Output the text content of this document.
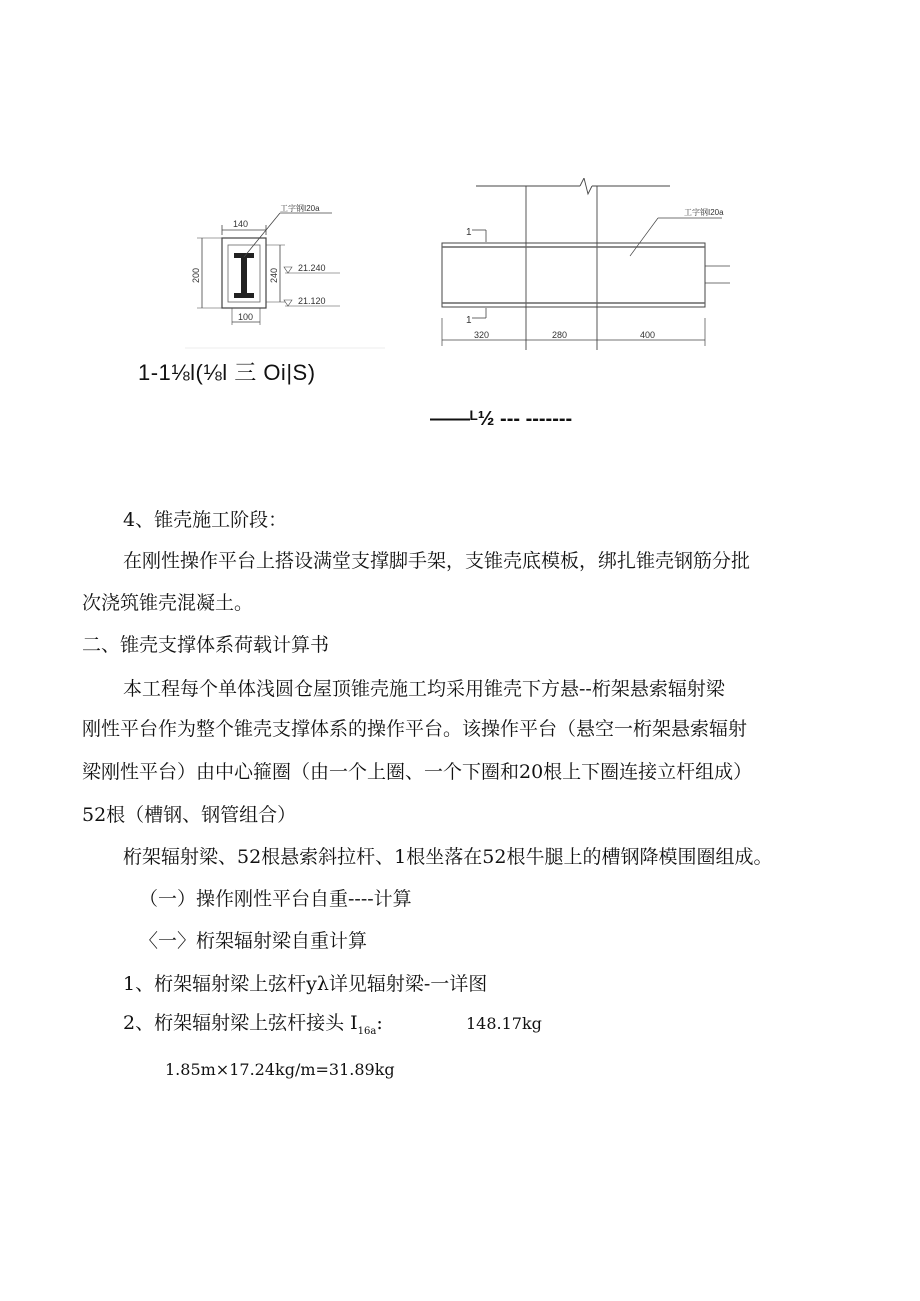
140
工字钢 I20a
200	240 21.240
21.120
100
1-1⅛l(⅛l 三 Oi|S)
1
1
工字钢 I20a
320	280	400
——ᴸ½ --- -------
4、锥壳施工阶段：
在刚性操作平台上搭设满堂支撑脚手架，支锥壳底模板，绑扎锥壳钢筋分批
次浇筑锥壳混凝土。
二、锥壳支撑体系荷载计算书
本工程每个单体浅圆仓屋顶锥壳施工均采用锥壳下方悬--桁架悬索辐射梁
刚性平台作为整个锥壳支撑体系的操作平台。该操作平台（悬空一桁架悬索辐射
梁刚性平台）由中心箍圈（由一个上圈、一个下圈和20根上下圈连接立杆组成）
52根（槽钢、钢管组合）
桁架辐射梁、52根悬索斜拉杆、1根坐落在52根牛腿上的槽钢降模围圈组成。
（一）操作刚性平台自重----计算
〈一〉桁架辐射梁自重计算
1、桁架辐射梁上弦杆yλ详见辐射梁-一详图
2、桁架辐射梁上弦杆接头 $I_{16a}$:	148.17kg
1.85m×17.24kg/m=31.89kg
